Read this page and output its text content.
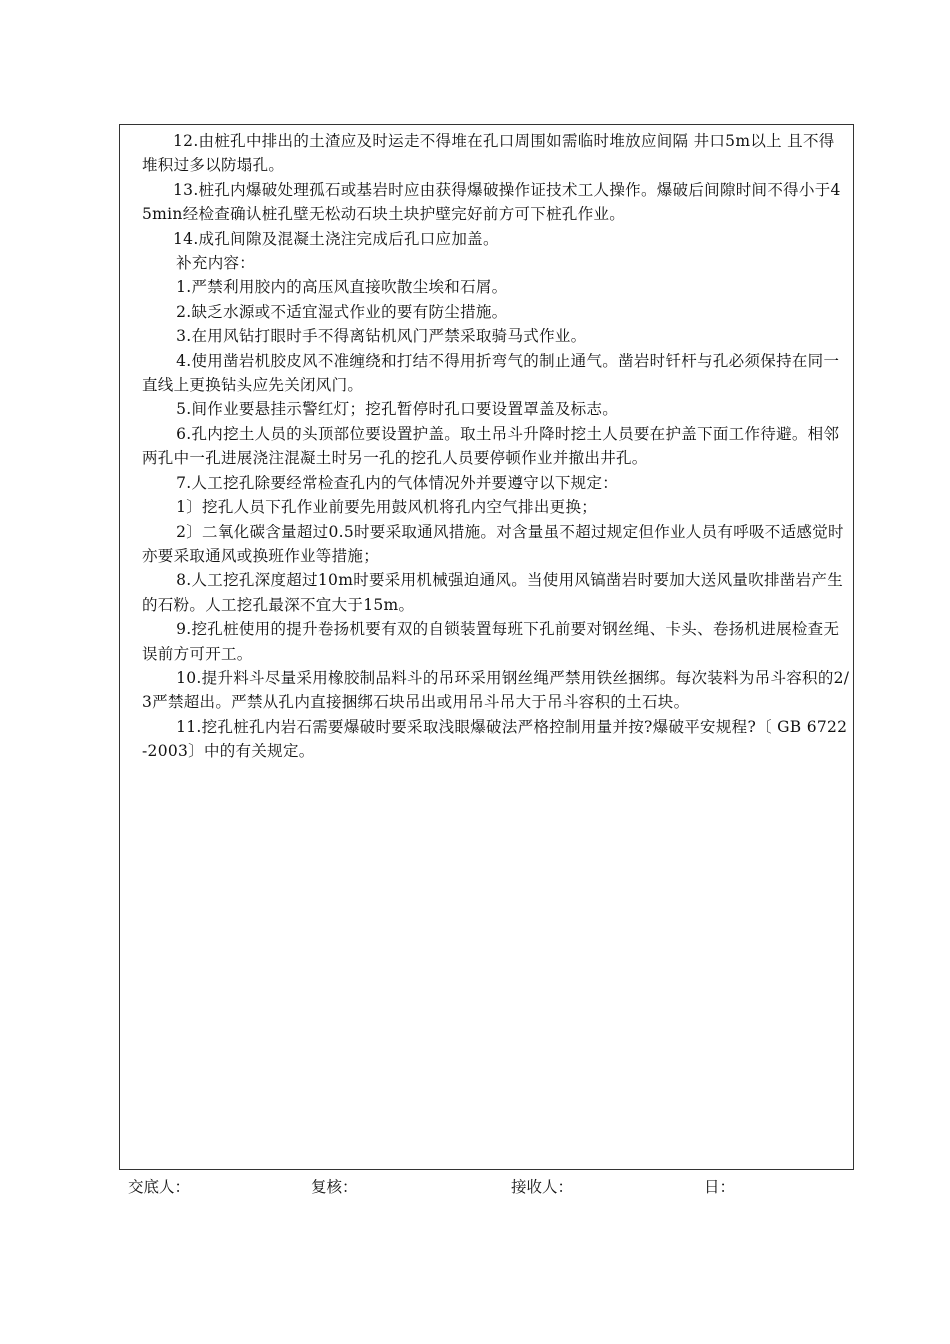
12.由桩孔中排出的土渣应及时运走不得堆在孔口周围如需临时堆放应间隔 井口5m以上 且不得堆积过多以防塌孔。

13.桩孔内爆破处理孤石或基岩时应由获得爆破操作证技术工人操作。爆破后间隙时间不得小于45min经检查确认桩孔壁无松动石块土块护壁完好前方可下桩孔作业。

14.成孔间隙及混凝土浇注完成后孔口应加盖。

补充内容：

1.严禁利用胶内的高压风直接吹散尘埃和石屑。

2.缺乏水源或不适宜湿式作业的要有防尘措施。

3.在用风钻打眼时手不得离钻机风门严禁采取骑马式作业。

4.使用凿岩机胶皮风不准缠绕和打结不得用折弯气的制止通气。凿岩时钎杆与孔必须保持在同一直线上更换钻头应先关闭风门。

5.间作业要悬挂示警红灯；挖孔暂停时孔口要设置罩盖及标志。

6.孔内挖土人员的头顶部位要设置护盖。取土吊斗升降时挖土人员要在护盖下面工作待避。相邻两孔中一孔进展浇注混凝土时另一孔的挖孔人员要停顿作业并撤出井孔。

7.人工挖孔除要经常检查孔内的气体情况外并要遵守以下规定：

1〕挖孔人员下孔作业前要先用鼓风机将孔内空气排出更换；

2〕二氧化碳含量超过0.5时要采取通风措施。对含量虽不超过规定但作业人员有呼吸不适感觉时亦要采取通风或换班作业等措施；

8.人工挖孔深度超过10m时要采用机械强迫通风。当使用风镐凿岩时要加大送风量吹排凿岩产生的石粉。人工挖孔最深不宜大于15m。

9.挖孔桩使用的提升卷扬机要有双的自锁装置每班下孔前要对钢丝绳、卡头、卷扬机进展检查无误前方可开工。

10.提升料斗尽量采用橡胶制品料斗的吊环采用钢丝绳严禁用铁丝捆绑。每次装料为吊斗容积的2/3严禁超出。严禁从孔内直接捆绑石块吊出或用吊斗吊大于吊斗容积的土石块。

11.挖孔桩孔内岩石需要爆破时要采取浅眼爆破法严格控制用量并按?爆破平安规程?〔 GB 6722-2003〕中的有关规定。

交底人：	复核：	接收人：	日：
